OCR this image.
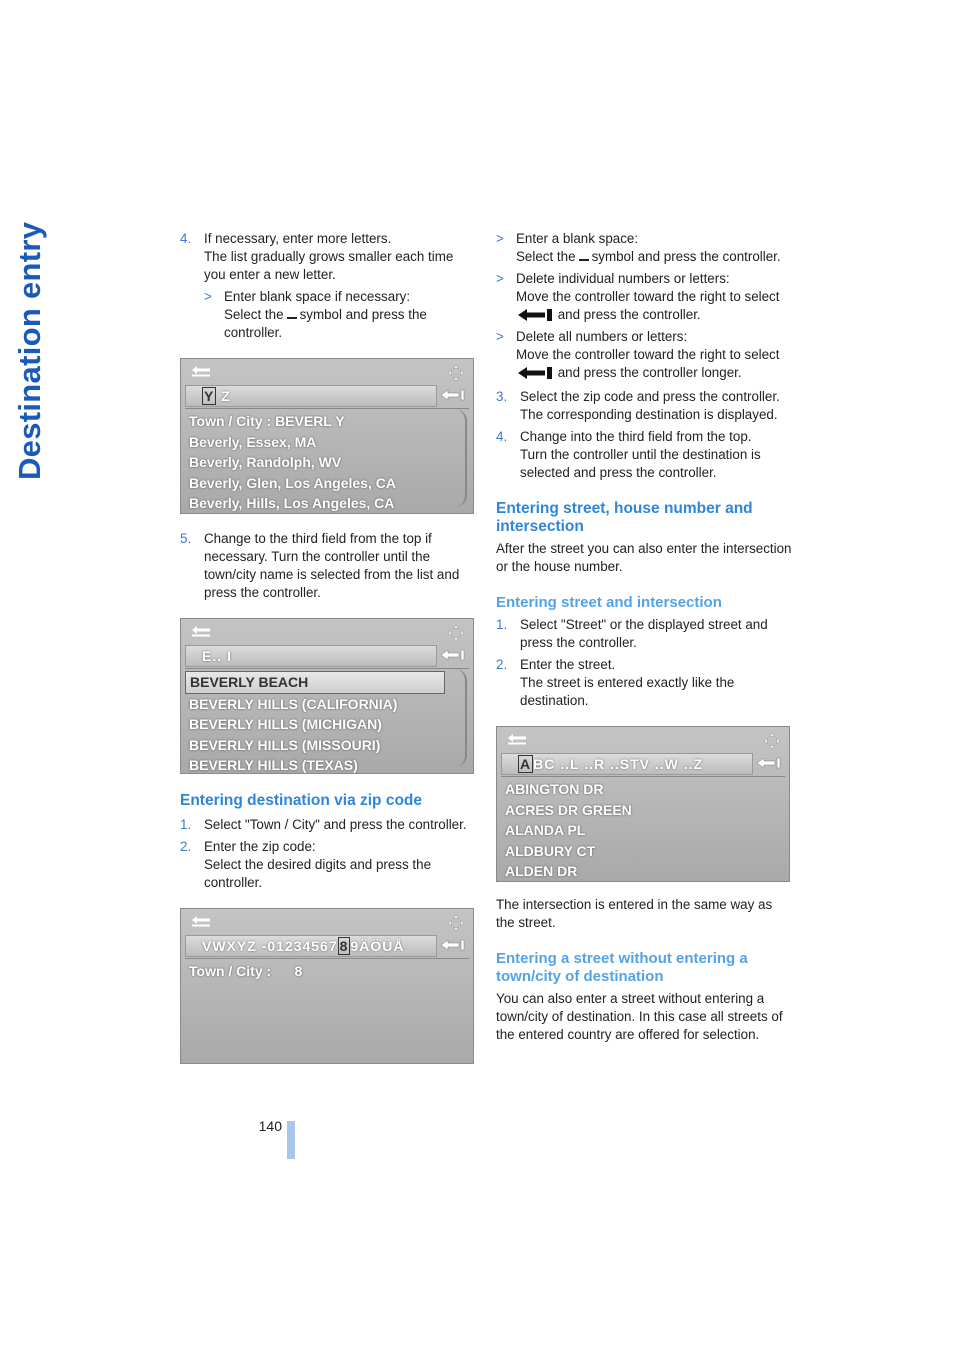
Destination entry	4. If necessary, enter more letters.

The list gradually grows smaller each time you enter a new letter.

> Enter blank space if necessary:

Select the symbol and press the controller.

Y Z
Town / City : BEVERL Y
Beverly, Essex, MA
Beverly, Randolph, WV
Beverly, Glen, Los Angeles, CA
Beverly, Hills, Los Angeles, CA
5. Change to the third field from the top if necessary. Turn the controller until the town/city name is selected from the list and press the controller.

E.. I
BEVERLY BEACH
BEVERLY HILLS (CALIFORNIA)
BEVERLY HILLS (MICHIGAN)
BEVERLY HILLS (MISSOURI)
BEVERLY HILLS (TEXAS)
Entering destination via zip code
1. Select "Town / City" and press the controller.

2. Enter the zip code:

Select the desired digits and press the controller.

VWXYZ -01234567 8 9ÄÖÜÅ
Town / City :      8
> Enter a blank space:

Select the symbol and press the controller.

> Delete individual numbers or letters:

Move the controller toward the right to select  and press the controller.

> Delete all numbers or letters:

Move the controller toward the right to select  and press the controller longer.

3. Select the zip code and press the controller.

The corresponding destination is displayed.

4. Change into the third field from the top.

Turn the controller until the destination is selected and press the controller.

Entering street, house number and intersection

After the street you can also enter the intersection or the house number.

Entering street and intersection
1. Select "Street" or the displayed street and press the controller.

2. Enter the street.

The street is entered exactly like the destination.

A BC ..L ..R ..STV ..W ..Z
ABINGTON DR
ACRES DR GREEN
ALANDA PL
ALDBURY CT
ALDEN DR

The intersection is entered in the same way as the street.

Entering a street without entering a town/city of destination

You can also enter a street without entering a town/city of destination. In this case all streets of the entered country are offered for selection.

140
